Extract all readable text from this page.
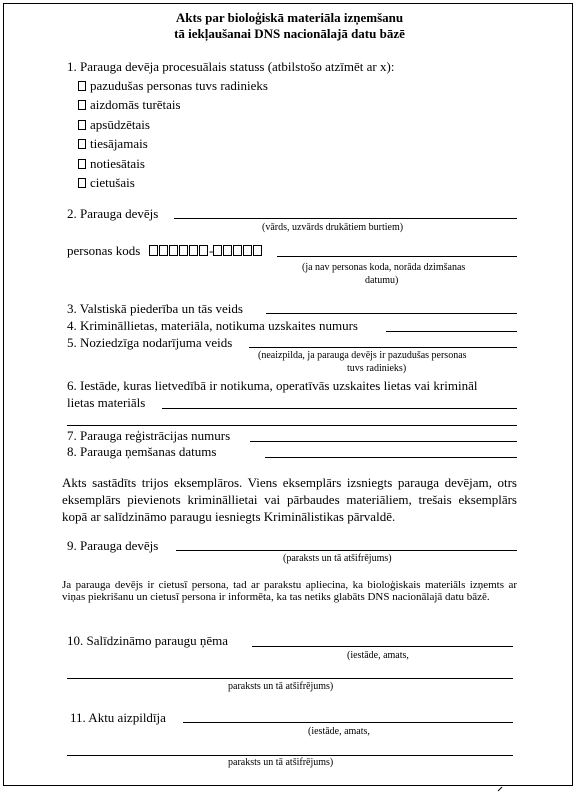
Akts par bioloģiskā materiāla izņemšanu
tā iekļaušanai DNS nacionālajā datu bāzē
1. Parauga devēja procesuālais statuss (atbilstošo atzīmēt ar x):
pazudušas personas tuvs radinieks
aizdomās turētais
apsūdzētais
tiesājamais
notiesātais
cietušais
2. Parauga devējs
(vārds, uzvārds drukātiem burtiem)
personas kods	-
(ja nav personas koda, norāda dzimšanas
datumu)
3. Valstiskā piederība un tās veids
4. Krimināllietas, materiāla, notikuma uzskaites numurs
5. Noziedzīga nodarījuma veids
(neaizpilda, ja parauga devējs ir pazudušas personas
tuvs radinieks)
6. Iestāde, kuras lietvedībā ir notikuma, operatīvās uzskaites lietas vai krimināl
lietas materiāls
7. Parauga reģistrācijas numurs
8. Parauga ņemšanas datums
Akts sastādīts trijos eksemplāros. Viens eksemplārs izsniegts parauga devējam, otrs eksemplārs pievienots krimināllietai vai pārbaudes materiāliem, trešais eksemplārs kopā ar salīdzināmo paraugu iesniegts Kriminālistikas pārvaldē.
9. Parauga devējs
(paraksts un tā atšifrējums)
Ja parauga devējs ir cietusī persona, tad ar parakstu apliecina, ka bioloģiskais materiāls izņemts ar viņas piekrišanu un cietusī persona ir informēta, ka tas netiks glabāts DNS nacionālajā datu bāzē.
10. Salīdzināmo paraugu ņēma
(iestāde, amats,
paraksts un tā atšifrējums)
11. Aktu aizpildīja
(iestāde, amats,
paraksts un tā atšifrējums)
